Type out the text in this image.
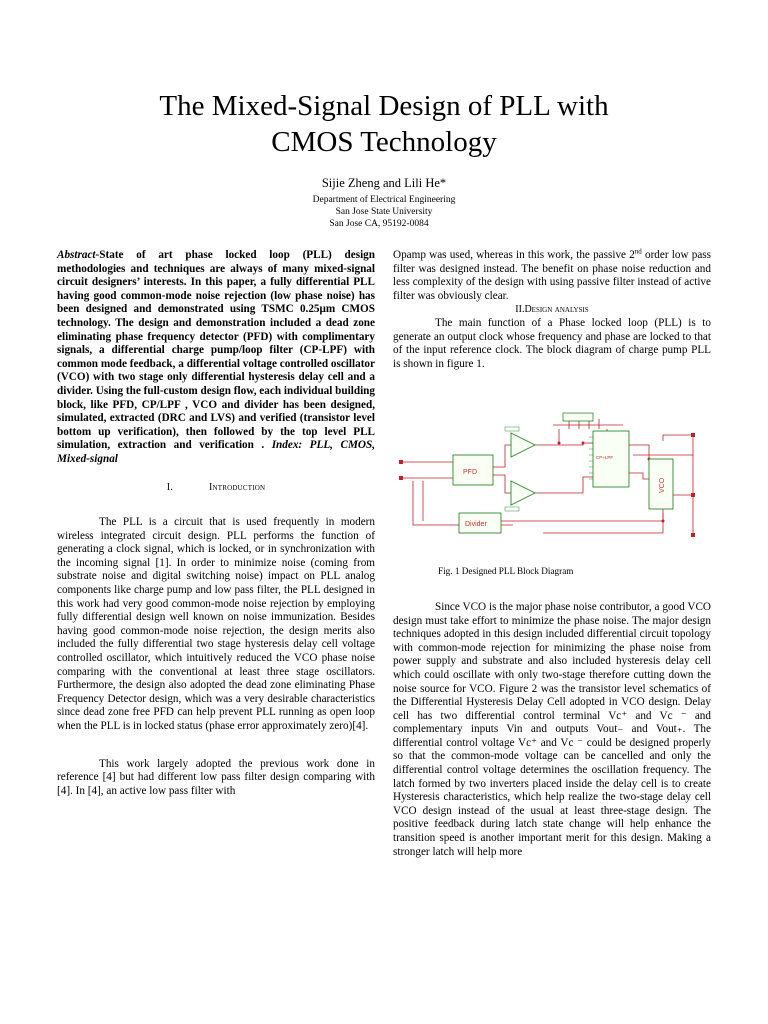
The Mixed-Signal Design of PLL with
CMOS Technology
Sijie Zheng and Lili He*
Department of Electrical Engineering
San Jose State University
San Jose CA, 95192-0084

Abstract-State of art phase locked loop (PLL) design methodologies and techniques are always of many mixed-signal circuit designers’ interests. In this paper, a fully differential PLL having good common-mode noise rejection (low phase noise) has been designed and demonstrated using TSMC 0.25μm CMOS technology. The design and demonstration included a dead zone eliminating phase frequency detector (PFD) with complimentary signals, a differential charge pump/loop filter (CP-LPF) with common mode feedback, a differential voltage controlled oscillator (VCO) with two stage only differential hysteresis delay cell and a divider. Using the full-custom design flow, each individual building block, like PFD, CP/LPF , VCO and divider has been designed, simulated, extracted (DRC and LVS) and verified (transistor level bottom up verification), then followed by the top level PLL simulation, extraction and verification . Index: PLL, CMOS, Mixed-signal

I.	Introduction

The PLL is a circuit that is used frequently in modern wireless integrated circuit design. PLL performs the function of generating a clock signal, which is locked, or in synchronization with the incoming signal [1]. In order to minimize noise (coming from substrate noise and digital switching noise) impact on PLL analog components like charge pump and low pass filter, the PLL designed in this work had very good common-mode noise rejection by employing fully differential design well known on noise immunization. Besides having good common-mode noise rejection, the design merits also included the fully differential two stage hysteresis delay cell voltage controlled oscillator, which intuitively reduced the VCO phase noise comparing with the conventional at least three stage oscillators. Furthermore, the design also adopted the dead zone eliminating Phase Frequency Detector design, which was a very desirable characteristics since dead zone free PFD can help prevent PLL running as open loop when the PLL is in locked status (phase error approximately zero)[4].

This work largely adopted the previous work done in reference [4] but had different low pass filter design comparing with [4]. In [4], an active low pass filter with

Opamp was used, whereas in this work, the passive 2nd order low pass filter was designed instead. The benefit on phase noise reduction and less complexity of the design with using passive filter instead of active filter was obviously clear.

II.Design analysis

The main function of a Phase locked loop (PLL) is to generate an output clock whose frequency and phase are locked to that of the input reference clock. The block diagram of charge pump PLL is shown in figure 1.

PFD
CP+LPF
VCO
Divider
Fig. 1 Designed PLL Block Diagram

Since VCO is the major phase noise contributor, a good VCO design must take effort to minimize the phase noise. The major design techniques adopted in this design included differential circuit topology with common-mode rejection for minimizing the phase noise from power supply and substrate and also included hysteresis delay cell which could oscillate with only two-stage therefore cutting down the noise source for VCO. Figure 2 was the transistor level schematics of the Differential Hysteresis Delay Cell adopted in VCO design. Delay cell has two differential control terminal Vc⁺ and Vc ⁻ and complementary inputs Vin and outputs Vout₋ and Vout₊. The differential control voltage Vc⁺ and Vc ⁻ could be designed properly so that the common-mode voltage can be cancelled and only the differential control voltage determines the oscillation frequency. The latch formed by two inverters placed inside the delay cell is to create Hysteresis characteristics, which help realize the two-stage delay cell VCO design instead of the usual at least three-stage design. The positive feedback during latch state change will help enhance the transition speed is another important merit for this design. Making a stronger latch will help more
